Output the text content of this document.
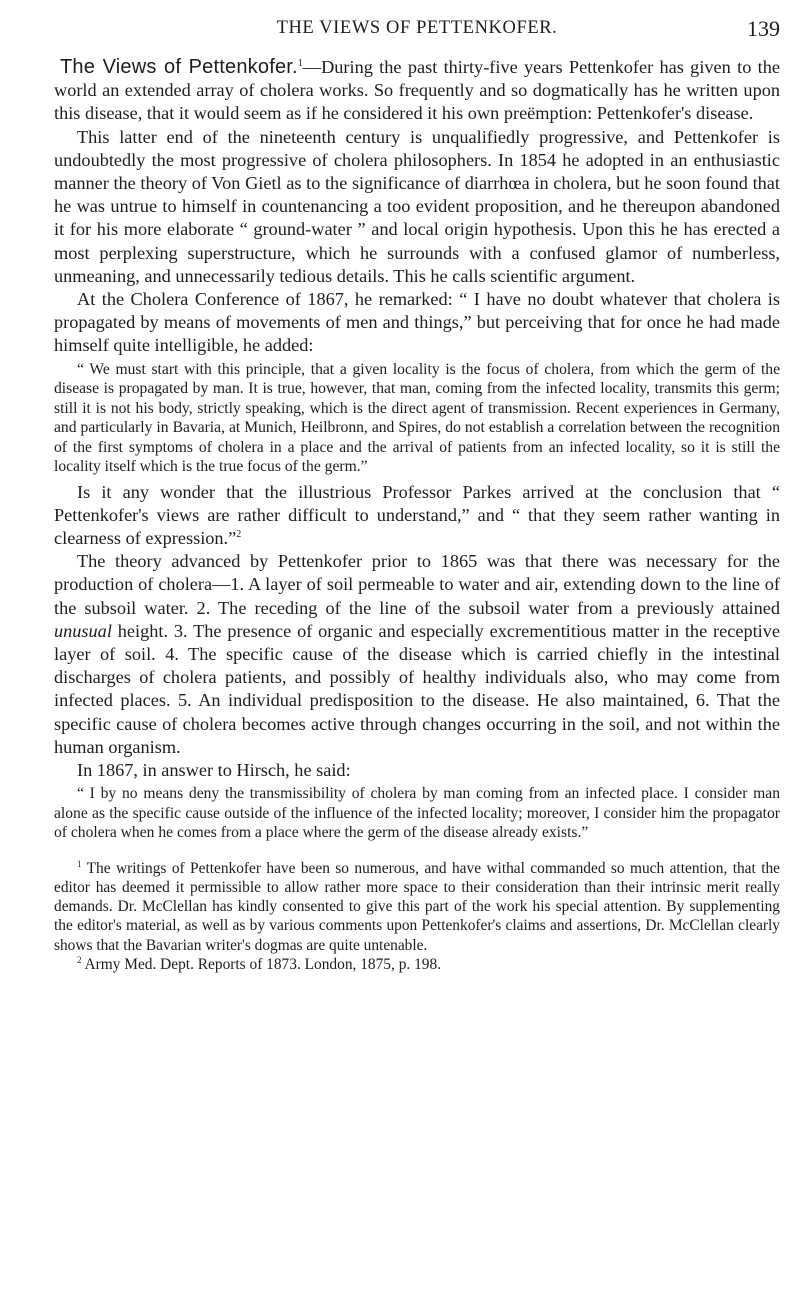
THE VIEWS OF PETTENKOFER.	139

The Views of Pettenkofer.$^1$—During the past thirty-five years Pettenkofer has given to the world an extended array of cholera works. So frequently and so dogmatically has he written upon this disease, that it would seem as if he considered it his own preëmption: Pettenkofer's disease.

This latter end of the nineteenth century is unqualifiedly progressive, and Pettenkofer is undoubtedly the most progressive of cholera philosophers. In 1854 he adopted in an enthusiastic manner the theory of Von Gietl as to the significance of diarrhœa in cholera, but he soon found that he was untrue to himself in countenancing a too evident proposition, and he thereupon abandoned it for his more elaborate “ ground-water ” and local origin hypothesis. Upon this he has erected a most perplexing superstructure, which he surrounds with a confused glamor of numberless, unmeaning, and unnecessarily tedious details. This he calls scientific argument.

At the Cholera Conference of 1867, he remarked: “ I have no doubt whatever that cholera is propagated by means of movements of men and things,” but perceiving that for once he had made himself quite intelligible, he added:

“ We must start with this principle, that a given locality is the focus of cholera, from which the germ of the disease is propagated by man. It is true, however, that man, coming from the infected locality, transmits this germ; still it is not his body, strictly speaking, which is the direct agent of transmission. Recent experiences in Germany, and particularly in Bavaria, at Munich, Heilbronn, and Spires, do not establish a correlation between the recognition of the first symptoms of cholera in a place and the arrival of patients from an infected locality, so it is still the locality itself which is the true focus of the germ.”

Is it any wonder that the illustrious Professor Parkes arrived at the conclusion that “ Pettenkofer's views are rather difficult to understand,” and “ that they seem rather wanting in clearness of expression.”$^2$

The theory advanced by Pettenkofer prior to 1865 was that there was necessary for the production of cholera—1. A layer of soil permeable to water and air, extending down to the line of the subsoil water. 2. The receding of the line of the subsoil water from a previously attained unusual height. 3. The presence of organic and especially excrementitious matter in the receptive layer of soil. 4. The specific cause of the disease which is carried chiefly in the intestinal discharges of cholera patients, and possibly of healthy individuals also, who may come from infected places. 5. An individual predisposition to the disease. He also maintained, 6. That the specific cause of cholera becomes active through changes occurring in the soil, and not within the human organism.

In 1867, in answer to Hirsch, he said:

“ I by no means deny the transmissibility of cholera by man coming from an infected place. I consider man alone as the specific cause outside of the influence of the infected locality; moreover, I consider him the propagator of cholera when he comes from a place where the germ of the disease already exists.”

$^1$ The writings of Pettenkofer have been so numerous, and have withal commanded so much attention, that the editor has deemed it permissible to allow rather more space to their consideration than their intrinsic merit really demands. Dr. McClellan has kindly consented to give this part of the work his special attention. By supplementing the editor's material, as well as by various comments upon Pettenkofer's claims and assertions, Dr. McClellan clearly shows that the Bavarian writer's dogmas are quite untenable.

$^2$ Army Med. Dept. Reports of 1873. London, 1875, p. 198.
